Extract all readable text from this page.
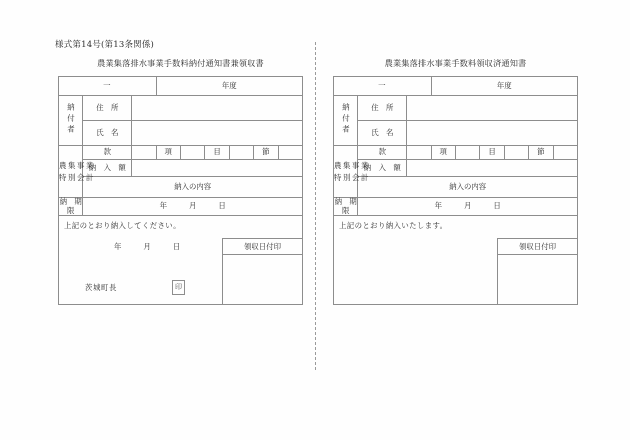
様式第14号(第13条関係)
農業集落排水事業手数料納付通知書兼領収書
一			年度					
納付者	住　所							
	氏　名							

農集事業
特別会計	款		項		目		節	
	納　入　額							
	納入の内容							
納　期　限	年 月 日							

上記のとおり納入してください。
年 月 日
茨城町長 印
領収日付印								
農業集落排水事業手数料領収済通知書
一			年度					
納付者	住　所							
	氏　名							

農集事業
特別会計	款		項		目		節	
	納　入　額							
	納入の内容							
納　期　限	年 月 日							

上記のとおり納入いたします。
領収日付印								
